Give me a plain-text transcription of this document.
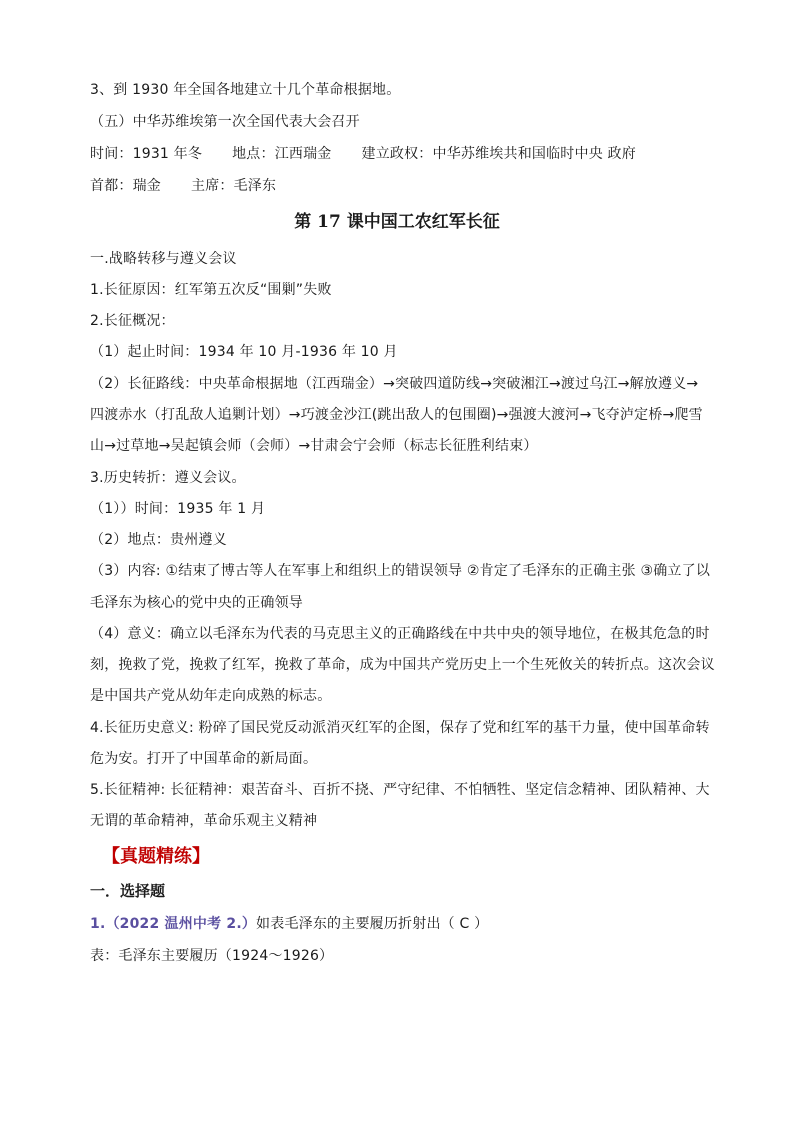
3、到 1930 年全国各地建立十几个革命根据地。
（五）中华苏维埃第一次全国代表大会召开
时间：1931 年冬 地点：江西瑞金 建立政权：中华苏维埃共和国临时中央 政府
首都：瑞金 主席：毛泽东
第 17 课中国工农红军长征
一.战略转移与遵义会议
1.长征原因：红军第五次反“围剿”失败
2.长征概况：
（1）起止时间：1934 年 10 月-1936 年 10 月
（2）长征路线：中央革命根据地（江西瑞金）→突破四道防线→突破湘江→渡过乌江→解放遵义→
四渡赤水（打乱敌人追剿计划）→巧渡金沙江(跳出敌人的包围圈)→强渡大渡河→飞夺泸定桥→爬雪
山→过草地→吴起镇会师（会师）→甘肃会宁会师（标志长征胜利结束）
3.历史转折：遵义会议。
（1））时间：1935 年 1 月
（2）地点：贵州遵义
（3）内容: ①结束了博古等人在军事上和组织上的错误领导 ②肯定了毛泽东的正确主张 ③确立了以
毛泽东为核心的党中央的正确领导
（4）意义：确立以毛泽东为代表的马克思主义的正确路线在中共中央的领导地位，在极其危急的时
刻，挽救了党，挽救了红军，挽救了革命，成为中国共产党历史上一个生死攸关的转折点。这次会议
是中国共产党从幼年走向成熟的标志。
4.长征历史意义: 粉碎了国民党反动派消灭红军的企图，保存了党和红军的基干力量，使中国革命转
危为安。打开了中国革命的新局面。
5.长征精神: 长征精神：艰苦奋斗、百折不挠、严守纪律、不怕牺牲、坚定信念精神、团队精神、大
无谓的革命精神，革命乐观主义精神
【真题精练】
一．选择题
1.（2022 温州中考 2.）如表毛泽东的主要履历折射出（ C ）
表：毛泽东主要履历（1924～1926）
